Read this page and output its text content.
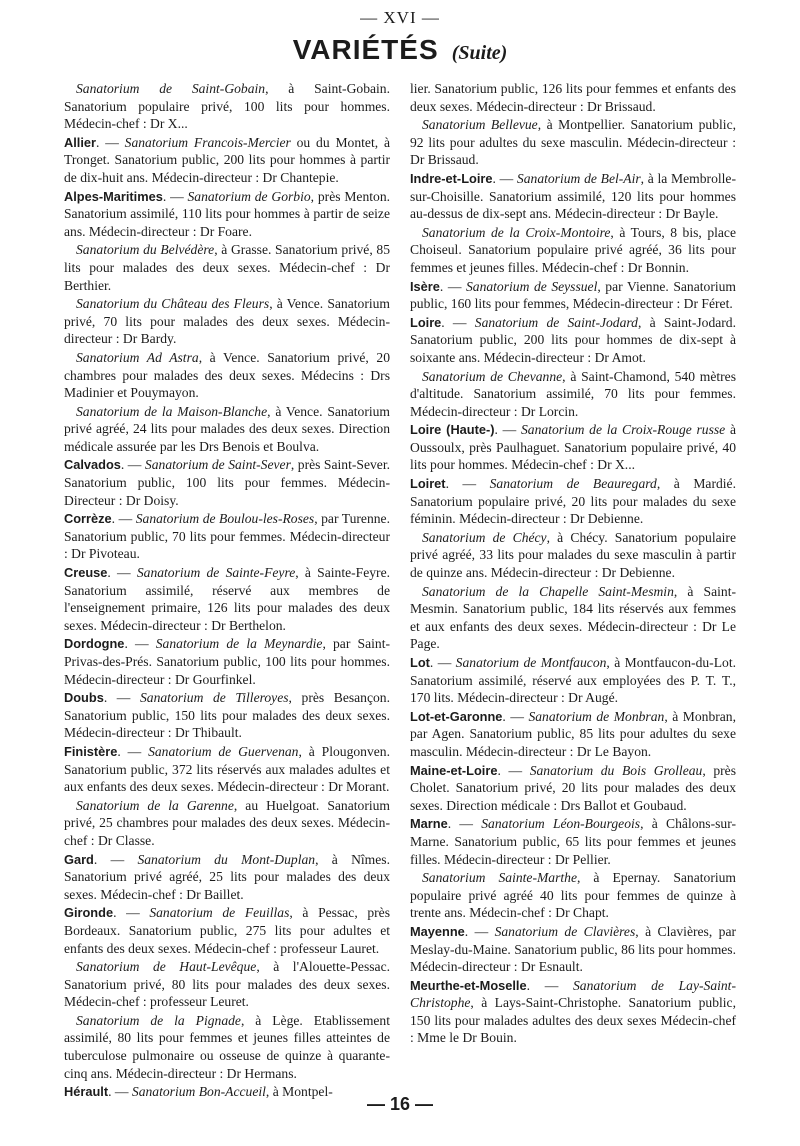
— XVI —
VARIÉTÉS (Suite)

Sanatorium de Saint-Gobain, à Saint-Gobain. Sanatorium populaire privé, 100 lits pour hommes. Médecin-chef : Dr X...

Allier. — Sanatorium Francois-Mercier ou du Montet, à Tronget. Sanatorium public, 200 lits pour hommes à partir de dix-huit ans. Médecin-directeur : Dr Chantepie.

Alpes-Maritimes. — Sanatorium de Gorbio, près Menton. Sanatorium assimilé, 110 lits pour hommes à partir de seize ans. Médecin-directeur : Dr Foare.

Sanatorium du Belvédère, à Grasse. Sanatorium privé, 85 lits pour malades des deux sexes. Médecin-chef : Dr Berthier.

Sanatorium du Château des Fleurs, à Vence. Sanatorium privé, 70 lits pour malades des deux sexes. Médecin-directeur : Dr Bardy.

Sanatorium Ad Astra, à Vence. Sanatorium privé, 20 chambres pour malades des deux sexes. Médecins : Drs Madinier et Pouymayon.

Sanatorium de la Maison-Blanche, à Vence. Sanatorium privé agréé, 24 lits pour malades des deux sexes. Direction médicale assurée par les Drs Benois et Boulva.

Calvados. — Sanatorium de Saint-Sever, près Saint-Sever. Sanatorium public, 100 lits pour femmes. Médecin-Directeur : Dr Doisy.

Corrèze. — Sanatorium de Boulou-les-Roses, par Turenne. Sanatorium public, 70 lits pour femmes. Médecin-directeur : Dr Pivoteau.

Creuse. — Sanatorium de Sainte-Feyre, à Sainte-Feyre. Sanatorium assimilé, réservé aux membres de l'enseignement primaire, 126 lits pour malades des deux sexes. Médecin-directeur : Dr Berthelon.

Dordogne. — Sanatorium de la Meynardie, par Saint-Privas-des-Prés. Sanatorium public, 100 lits pour hommes. Médecin-directeur : Dr Gourfinkel.

Doubs. — Sanatorium de Tilleroyes, près Besançon. Sanatorium public, 150 lits pour malades des deux sexes. Médecin-directeur : Dr Thibault.

Finistère. — Sanatorium de Guervenan, à Plougonven. Sanatorium public, 372 lits réservés aux malades adultes et aux enfants des deux sexes. Médecin-directeur : Dr Morant.

Sanatorium de la Garenne, au Huelgoat. Sanatorium privé, 25 chambres pour malades des deux sexes. Médecin-chef : Dr Classe.

Gard. — Sanatorium du Mont-Duplan, à Nîmes. Sanatorium privé agréé, 25 lits pour malades des deux sexes. Médecin-chef : Dr Baillet.

Gironde. — Sanatorium de Feuillas, à Pessac, près Bordeaux. Sanatorium public, 275 lits pour adultes et enfants des deux sexes. Médecin-chef : professeur Lauret.

Sanatorium de Haut-Levêque, à l'Alouette-Pessac. Sanatorium privé, 80 lits pour malades des deux sexes. Médecin-chef : professeur Leuret.

Sanatorium de la Pignade, à Lège. Etablissement assimilé, 80 lits pour femmes et jeunes filles atteintes de tuberculose pulmonaire ou osseuse de quinze à quarante-cinq ans. Médecin-directeur : Dr Hermans.

Hérault. — Sanatorium Bon-Accueil, à Montpel-

lier. Sanatorium public, 126 lits pour femmes et enfants des deux sexes. Médecin-directeur : Dr Brissaud.

Sanatorium Bellevue, à Montpellier. Sanatorium public, 92 lits pour adultes du sexe masculin. Médecin-directeur : Dr Brissaud.

Indre-et-Loire. — Sanatorium de Bel-Air, à la Membrolle-sur-Choisille. Sanatorium assimilé, 120 lits pour hommes au-dessus de dix-sept ans. Médecin-directeur : Dr Bayle.

Sanatorium de la Croix-Montoire, à Tours, 8 bis, place Choiseul. Sanatorium populaire privé agréé, 36 lits pour femmes et jeunes filles. Médecin-chef : Dr Bonnin.

Isère. — Sanatorium de Seyssuel, par Vienne. Sanatorium public, 160 lits pour femmes, Médecin-directeur : Dr Féret.

Loire. — Sanatorium de Saint-Jodard, à Saint-Jodard. Sanatorium public, 200 lits pour hommes de dix-sept à soixante ans. Médecin-directeur : Dr Amot.

Sanatorium de Chevanne, à Saint-Chamond, 540 mètres d'altitude. Sanatorium assimilé, 70 lits pour femmes. Médecin-directeur : Dr Lorcin.

Loire (Haute-). — Sanatorium de la Croix-Rouge russe à Oussoulx, près Paulhaguet. Sanatorium populaire privé, 40 lits pour hommes. Médecin-chef : Dr X...

Loiret. — Sanatorium de Beauregard, à Mardié. Sanatorium populaire privé, 20 lits pour malades du sexe féminin. Médecin-directeur : Dr Debienne.

Sanatorium de Chécy, à Chécy. Sanatorium populaire privé agréé, 33 lits pour malades du sexe masculin à partir de quinze ans. Médecin-directeur : Dr Debienne.

Sanatorium de la Chapelle Saint-Mesmin, à Saint-Mesmin. Sanatorium public, 184 lits réservés aux femmes et aux enfants des deux sexes. Médecin-directeur : Dr Le Page.

Lot. — Sanatorium de Montfaucon, à Montfaucon-du-Lot. Sanatorium assimilé, réservé aux employées des P. T. T., 170 lits. Médecin-directeur : Dr Augé.

Lot-et-Garonne. — Sanatorium de Monbran, à Monbran, par Agen. Sanatorium public, 85 lits pour adultes du sexe masculin. Médecin-directeur : Dr Le Bayon.

Maine-et-Loire. — Sanatorium du Bois Grolleau, près Cholet. Sanatorium privé, 20 lits pour malades des deux sexes. Direction médicale : Drs Ballot et Goubaud.

Marne. — Sanatorium Léon-Bourgeois, à Châlons-sur-Marne. Sanatorium public, 65 lits pour femmes et jeunes filles. Médecin-directeur : Dr Pellier.

Sanatorium Sainte-Marthe, à Epernay. Sanatorium populaire privé agréé 40 lits pour femmes de quinze à trente ans. Médecin-chef : Dr Chapt.

Mayenne. — Sanatorium de Clavières, à Clavières, par Meslay-du-Maine. Sanatorium public, 86 lits pour hommes. Médecin-directeur : Dr Esnault.

Meurthe-et-Moselle. — Sanatorium de Lay-Saint-Christophe, à Lays-Saint-Christophe. Sanatorium public, 150 lits pour malades adultes des deux sexes Médecin-chef : Mme le Dr Bouin.

— 16 —
